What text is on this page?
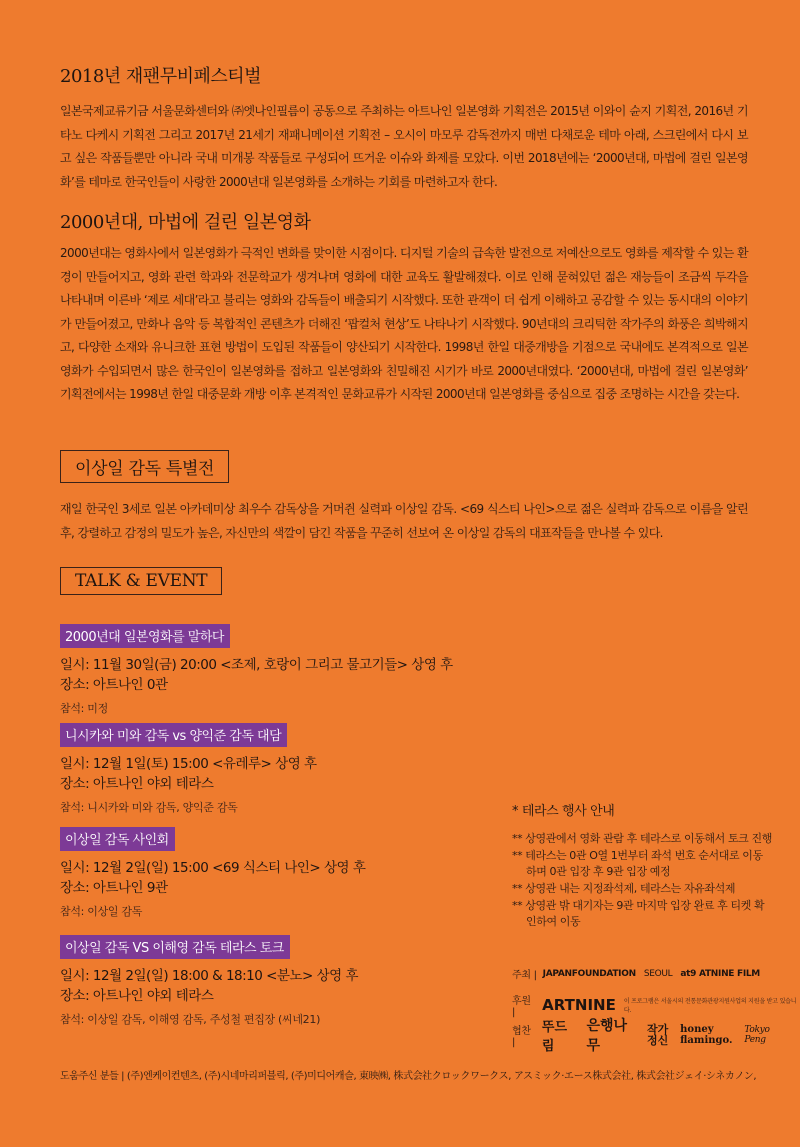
2018년 재팬무비페스티벌
일본국제교류기금 서울문화센터와 ㈜엣나인필름이 공동으로 주최하는 아트나인 일본영화 기획전은 2015년 이와이 슌지 기획전, 2016년 기타노 다케시 기획전 그리고 2017년 21세기 재패니메이션 기획전 – 오시이 마모루 감독전까지 매번 다채로운 테마 아래, 스크린에서 다시 보고 싶은 작품들뿐만 아니라 국내 미개봉 작품들로 구성되어 뜨거운 이슈와 화제를 모았다. 이번 2018년에는 ‘2000년대, 마법에 걸린 일본영화’를 테마로 한국인들이 사랑한 2000년대 일본영화를 소개하는 기회를 마련하고자 한다.
2000년대, 마법에 걸린 일본영화
2000년대는 영화사에서 일본영화가 극적인 변화를 맞이한 시점이다. 디지털 기술의 급속한 발전으로 저예산으로도 영화를 제작할 수 있는 환경이 만들어지고, 영화 관련 학과와 전문학교가 생겨나며 영화에 대한 교육도 활발해졌다. 이로 인해 묻혀있던 젊은 재능들이 조금씩 두각을 나타내며 이른바 ‘제로 세대’라고 불리는 영화와 감독들이 배출되기 시작했다. 또한 관객이 더 쉽게 이해하고 공감할 수 있는 동시대의 이야기가 만들어졌고, 만화나 음악 등 복합적인 콘텐츠가 더해진 ‘팝컬처 현상’도 나타나기 시작했다. 90년대의 크리틱한 작가주의 화풍은 희박해지고, 다양한 소재와 유니크한 표현 방법이 도입된 작품들이 양산되기 시작한다. 1998년 한일 대중개방을 기점으로 국내에도 본격적으로 일본영화가 수입되면서 많은 한국인이 일본영화를 접하고 일본영화와 친밀해진 시기가 바로 2000년대였다. ‘2000년대, 마법에 걸린 일본영화’ 기획전에서는 1998년 한일 대중문화 개방 이후 본격적인 문화교류가 시작된 2000년대 일본영화를 중심으로 집중 조명하는 시간을 갖는다.
이상일 감독 특별전
재일 한국인 3세로 일본 아카데미상 최우수 감독상을 거머쥔 실력파 이상일 감독. <69 식스티 나인>으로 젊은 실력파 감독으로 이름을 알린 후, 강렬하고 감정의 밀도가 높은, 자신만의 색깔이 담긴 작품을 꾸준히 선보여 온 이상일 감독의 대표작들을 만나볼 수 있다.
TALK & EVENT
2000년대 일본영화를 말하다
일시: 11월 30일(금) 20:00 <조제, 호랑이 그리고 물고기들> 상영 후
장소: 아트나인 0관
참석: 미정
니시카와 미와 감독 vs 양익준 감독 대담
일시: 12월 1일(토) 15:00 <유레루> 상영 후
장소: 아트나인 야외 테라스
참석: 니시카와 미와 감독, 양익준 감독
이상일 감독 사인회
일시: 12월 2일(일) 15:00 <69 식스티 나인> 상영 후
장소: 아트나인 9관
참석: 이상일 감독
이상일 감독 VS 이해영 감독 테라스 토크
일시: 12월 2일(일) 18:00 & 18:10 <분노> 상영 후
장소: 아트나인 야외 테라스
참석: 이상일 감독, 이해영 감독, 주성철 편집장 (씨네21)
* 테라스 행사 안내
** 상영관에서 영화 관람 후 테라스로 이동해서 토크 진행
** 테라스는 0관 O열 1번부터 좌석 번호 순서대로 이동하며 0관 입장 후 9관 입장 예정
** 상영관 내는 지정좌석제, 테라스는 자유좌석제
** 상영관 밖 대기자는 9관 마지막 입장 완료 후 티켓 확인하여 이동
주최 | JAPANFOUNDATION SEOUL at9 ATNINE FILM
후원 |	ARTNINE 이 프로그램은 서울시의 전통문화관광지원사업의 지원을 받고 있습니다.
협찬 |
뚜드림
은행나무
작가정신
honey flamingo.
Tokyo Peng
도움주신 분들 | (주)엔케이컨텐츠, (주)시네마리퍼블릭, (주)미디어캐슬, 東映㈱, 株式会社クロックワークス, アスミック·エース株式会社, 株式会社ジェイ·シネカノン,
